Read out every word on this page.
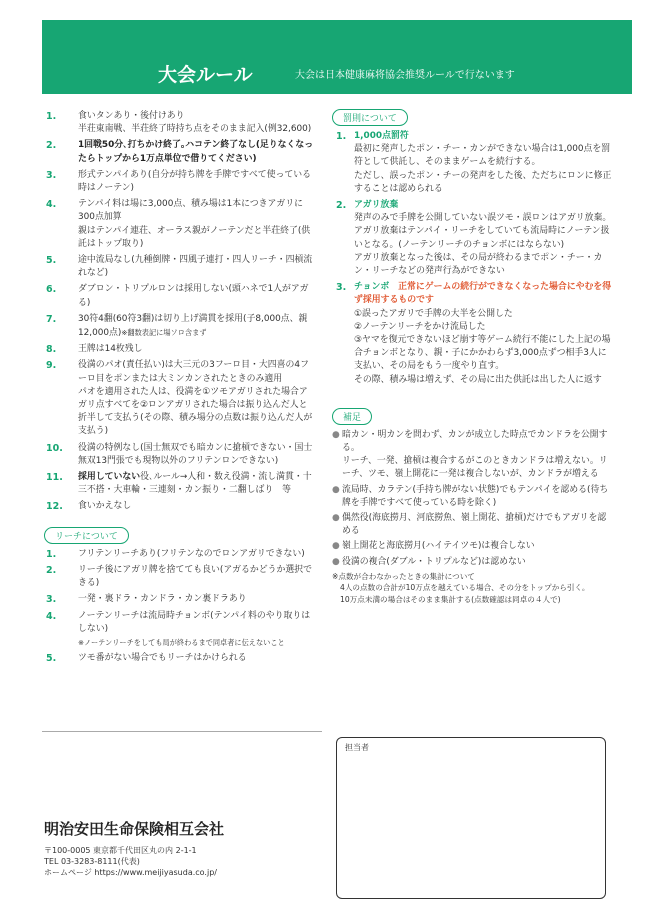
大会ルール	大会は日本健康麻将協会推奨ルールで行ないます
1. 食いタンあり・後付けあり

半荘東南戦、半荘終了時持ち点をそのまま記入(例32,600)

2. 1回戦50分､打ちかけ終了｡ハコテン終了なし(足りなくなったらトップから1万点単位で借りてください)

3. 形式テンパイあり(自分が持ち牌を手牌ですべて使っている時はノーテン)

4. テンパイ料は場に3,000点、積み場は1本につきアガリに300点加算

親はテンパイ連荘、オーラス親がノーテンだと半荘終了(供託はトップ取り)

5. 途中流局なし(九種倒牌・四風子連打・四人リーチ・四槓流れなど)

6. ダブロン・トリプルロンは採用しない(頭ハネで1人がアガる)

7. 30符4翻(60符3翻)は切り上げ満貫を採用(子8,000点、親12,000点)※翻数表記に場ソロ含まず

8. 王牌は14枚残し

9. 役満のパオ(責任払い)は大三元の3フーロ目・大四喜の4フーロ目をポンまたは大ミンカンされたときのみ適用

パオを適用された人は、役満を①ツモアガリされた場合アガリ点すべてを②ロンアガリされた場合は振り込んだ人と折半して支払う(その際、積み場分の点数は振り込んだ人が支払う)

10. 役満の特例なし(国士無双でも暗カンに搶槓できない・国士無双13門張でも現物以外のフリテンロンできない)

11. 採用していない役､ルール→人和・数え役満・流し満貫・十三不搭・大車輪・三連刻・カン振り・二翻しばり　等

12. 食いかえなし

リーチについて
1. フリテンリーチあり(フリテンなのでロンアガリできない)

2. リーチ後にアガリ牌を捨てても良い(アガるかどうか選択できる)

3. 一発・裏ドラ・カンドラ・カン裏ドラあり

4. ノーテンリーチは流局時チョンボ(テンパイ料のやり取りはしない)

※ノーテンリーチをしても局が終わるまで同卓者に伝えないこと

5. ツモ番がない場合でもリーチはかけられる

罰則について
1. 1,000点罰符

最初に発声したポン・チー・カンができない場合は1,000点を罰符として供託し、そのままゲームを続行する。

ただし、誤ったポン・チーの発声をした後、ただちにロンに修正することは認められる

2. アガリ放棄

発声のみで手牌を公開していない誤ツモ・誤ロンはアガリ放棄。

アガリ放棄はテンパイ・リーチをしていても流局時にノーテン扱いとなる。(ノーテンリーチのチョンボにはならない)

アガリ放棄となった後は、その局が終わるまでポン・チー・カン・リーチなどの発声行為ができない

3. チョンボ　 正常にゲームの続行ができなくなった場合にやむを得ず採用するものです

①誤ったアガリで手牌の大半を公開した

②ノーテンリーチをかけ流局した

③ヤマを復元できないほど崩す等ゲーム続行不能にした上記の場合チョンボとなり、親・子にかかわらず3,000点ずつ相手3人に支払い、その局をもう一度やり直す。

その際、積み場は増えず、その局に出た供託は出した人に返す

補足
● 暗カン・明カンを問わず、カンが成立した時点でカンドラを公開する。

リーチ、一発、搶槓は複合するがこのときカンドラは増えない。リーチ、ツモ、嶺上開花に一発は複合しないが、カンドラが増える

● 流局時、カラテン(手持ち牌がない状態)でもテンパイを認める(待ち牌を手牌ですべて使っている時を除く)

● 偶然役(海底撈月、河底撈魚、嶺上開花、搶槓)だけでもアガリを認める

● 嶺上開花と海底撈月(ハイテイツモ)は複合しない

● 役満の複合(ダブル・トリプルなど)は認めない

※点数が合わなかったときの集計について

4人の点数の合計が10万点を越えている場合、その分をトップから引く。

10万点未満の場合はそのまま集計する(点数確認は同卓の４人で)

担当者
明治安田生命保険相互会社
〒100-0005 東京都千代田区丸の内 2-1-1
TEL 03-3283-8111(代表)
ホームページ https://www.meijiyasuda.co.jp/
